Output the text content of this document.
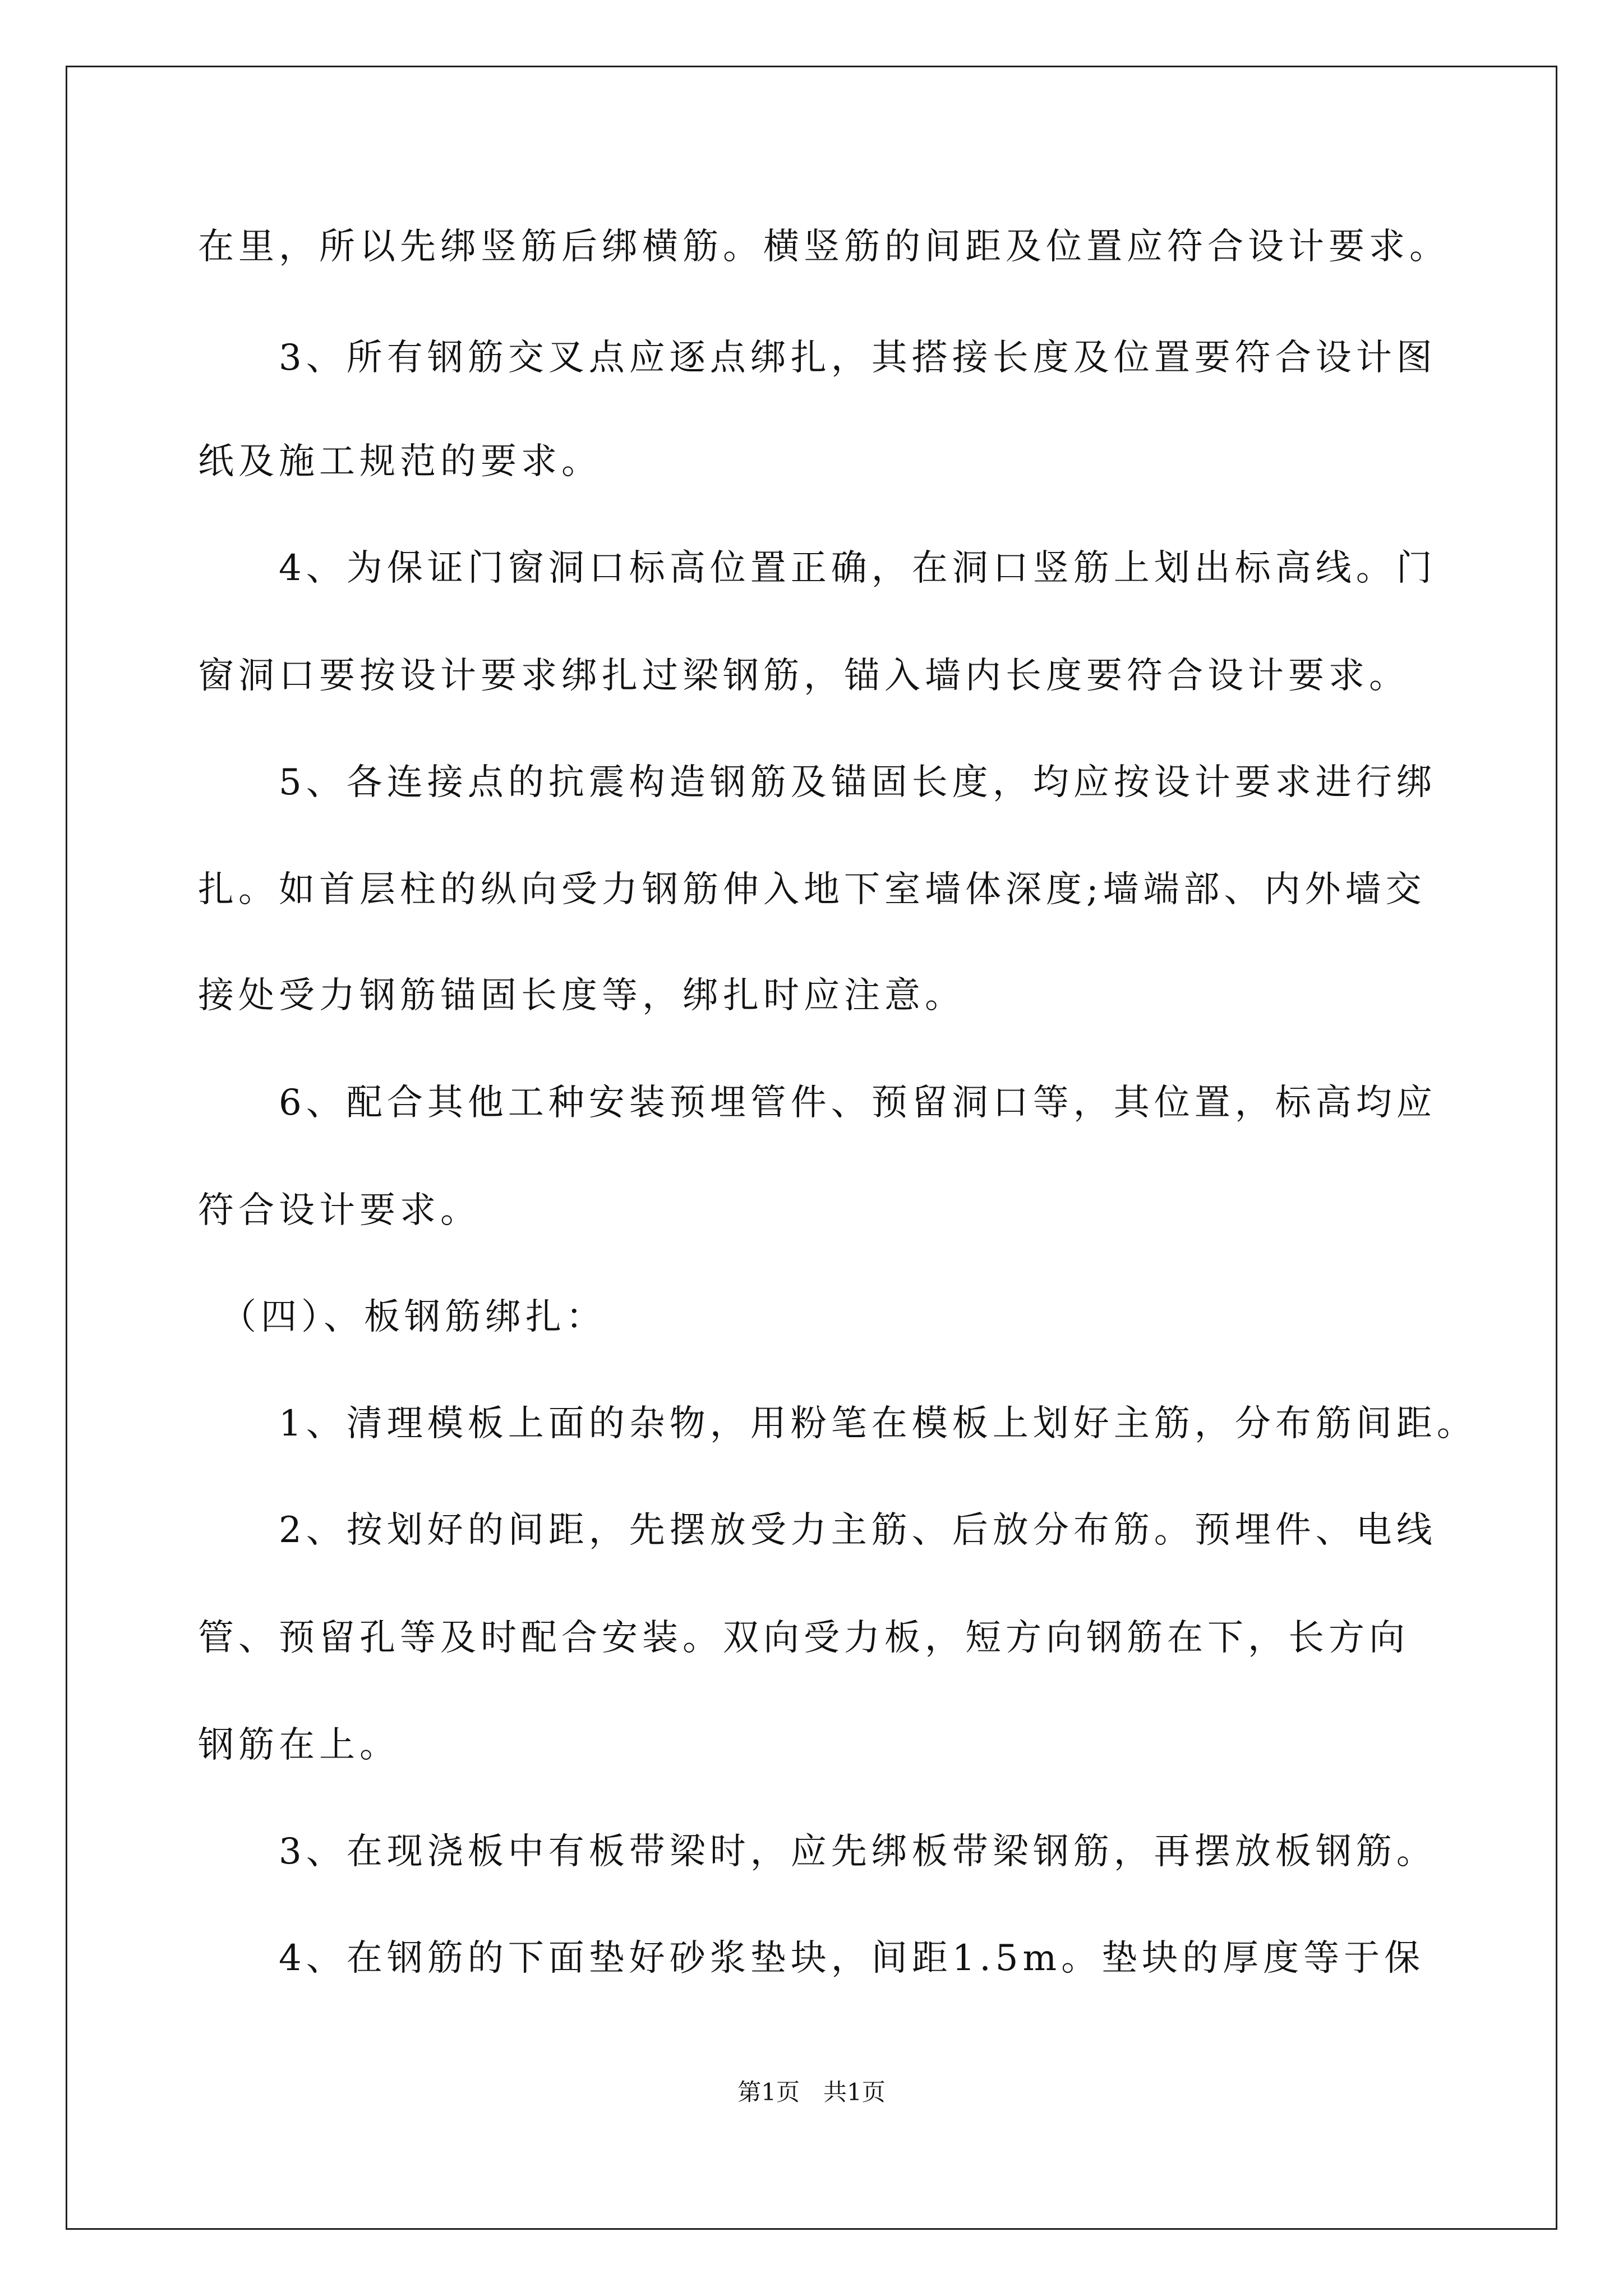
在里，所以先绑竖筋后绑横筋。横竖筋的间距及位置应符合设计要求。
　　3、所有钢筋交叉点应逐点绑扎，其搭接长度及位置要符合设计图
纸及施工规范的要求。
　　4、为保证门窗洞口标高位置正确，在洞口竖筋上划出标高线。门
窗洞口要按设计要求绑扎过梁钢筋，锚入墙内长度要符合设计要求。
　　5、各连接点的抗震构造钢筋及锚固长度，均应按设计要求进行绑
扎。如首层柱的纵向受力钢筋伸入地下室墙体深度;墙端部、内外墙交
接处受力钢筋锚固长度等，绑扎时应注意。
　　6、配合其他工种安装预埋管件、预留洞口等，其位置，标高均应
符合设计要求。
　（四）、板钢筋绑扎：
　　1、清理模板上面的杂物，用粉笔在模板上划好主筋，分布筋间距。
　　2、按划好的间距，先摆放受力主筋、后放分布筋。预埋件、电线
管、预留孔等及时配合安装。双向受力板，短方向钢筋在下，长方向
钢筋在上。
　　3、在现浇板中有板带梁时，应先绑板带梁钢筋，再摆放板钢筋。
　　4、在钢筋的下面垫好砂浆垫块，间距1.5m。垫块的厚度等于保
第1页　共1页
